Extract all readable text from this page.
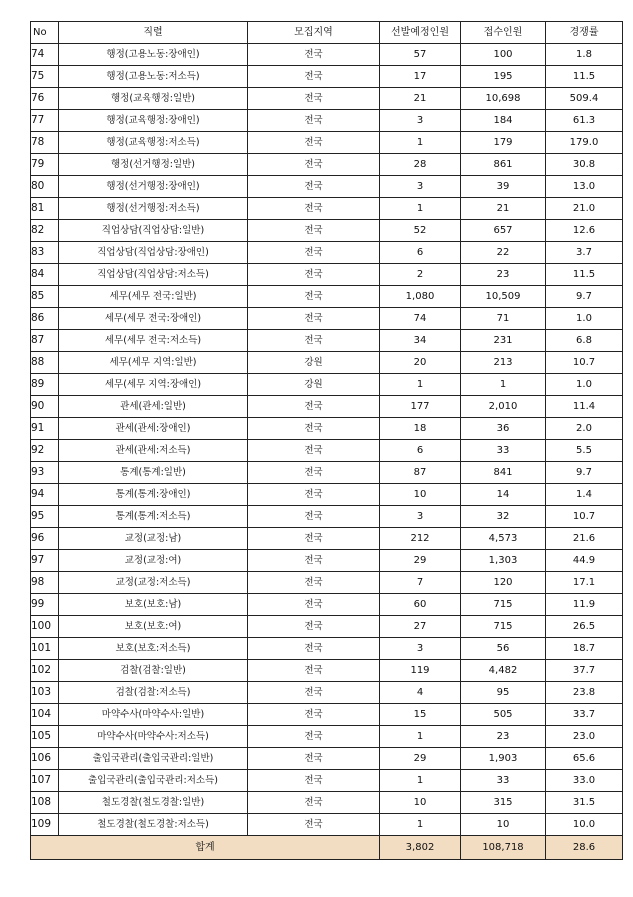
No	직렬	모집지역	선발예정인원	접수인원	경쟁률
74	행정(고용노동:장애인)	전국	57	100	1.8
75	행정(고용노동:저소득)	전국	17	195	11.5
76	행정(교육행정:일반)	전국	21	10,698	509.4
77	행정(교육행정:장애인)	전국	3	184	61.3
78	행정(교육행정:저소득)	전국	1	179	179.0
79	행정(선거행정:일반)	전국	28	861	30.8
80	행정(선거행정:장애인)	전국	3	39	13.0
81	행정(선거행정:저소득)	전국	1	21	21.0
82	직업상담(직업상담:일반)	전국	52	657	12.6
83	직업상담(직업상담:장애인)	전국	6	22	3.7
84	직업상담(직업상담:저소득)	전국	2	23	11.5
85	세무(세무 전국:일반)	전국	1,080	10,509	9.7
86	세무(세무 전국:장애인)	전국	74	71	1.0
87	세무(세무 전국:저소득)	전국	34	231	6.8
88	세무(세무 지역:일반)	강원	20	213	10.7
89	세무(세무 지역:장애인)	강원	1	1	1.0
90	관세(관세:일반)	전국	177	2,010	11.4
91	관세(관세:장애인)	전국	18	36	2.0
92	관세(관세:저소득)	전국	6	33	5.5
93	통계(통계:일반)	전국	87	841	9.7
94	통계(통계:장애인)	전국	10	14	1.4
95	통계(통계:저소득)	전국	3	32	10.7
96	교정(교정:남)	전국	212	4,573	21.6
97	교정(교정:여)	전국	29	1,303	44.9
98	교정(교정:저소득)	전국	7	120	17.1
99	보호(보호:남)	전국	60	715	11.9
100	보호(보호:여)	전국	27	715	26.5
101	보호(보호:저소득)	전국	3	56	18.7
102	검찰(검찰:일반)	전국	119	4,482	37.7
103	검찰(검찰:저소득)	전국	4	95	23.8
104	마약수사(마약수사:일반)	전국	15	505	33.7
105	마약수사(마약수사:저소득)	전국	1	23	23.0
106	출입국관리(출입국관리:일반)	전국	29	1,903	65.6
107	출입국관리(출입국관리:저소득)	전국	1	33	33.0
108	철도경찰(철도경찰:일반)	전국	10	315	31.5
109	철도경찰(철도경찰:저소득)	전국	1	10	10.0
합계			3,802	108,718	28.6
